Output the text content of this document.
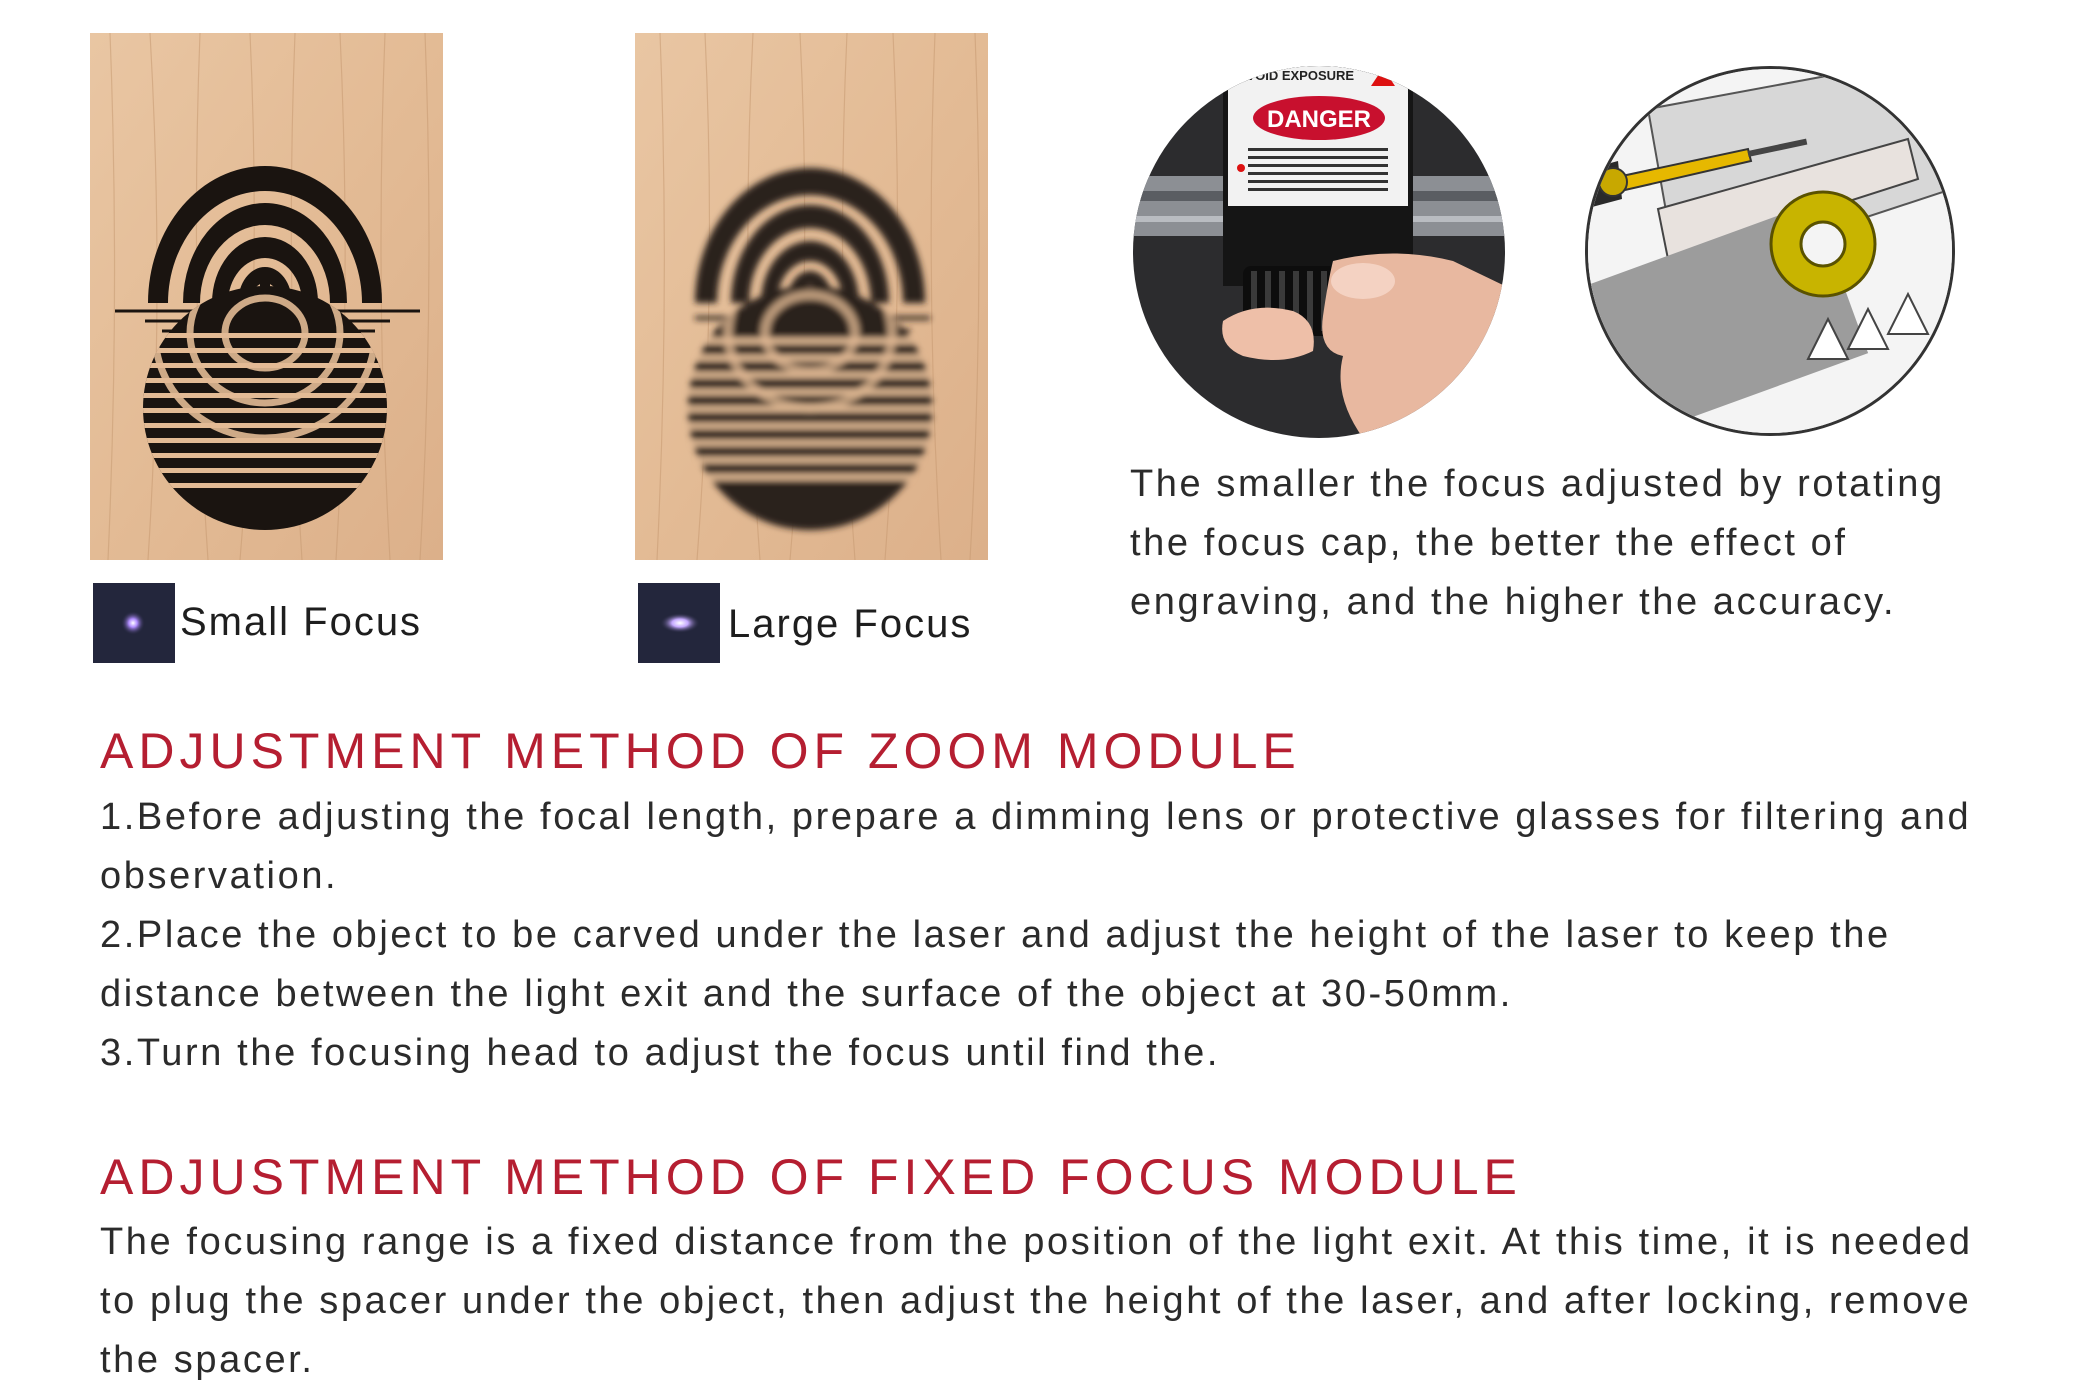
Small Focus	Large Focus
AVOID EXPOSURE
DANGER
The smaller the focus adjusted by rotating the focus cap, the better the effect of engraving, and the higher the accuracy.
ADJUSTMENT METHOD OF ZOOM MODULE

1.Before adjusting the focal length, prepare a dimming lens or protective glasses for filtering and observation.

2.Place the object to be carved under the laser and adjust the height of the laser to keep the distance between the light exit and the surface of the object at 30-50mm.

3.Turn the focusing head to adjust the focus until find the.

ADJUSTMENT METHOD OF FIXED FOCUS MODULE

The focusing range is a fixed distance from the position of the light exit. At this time, it is needed to plug the spacer under the object, then adjust the height of the laser, and after locking, remove the spacer.
